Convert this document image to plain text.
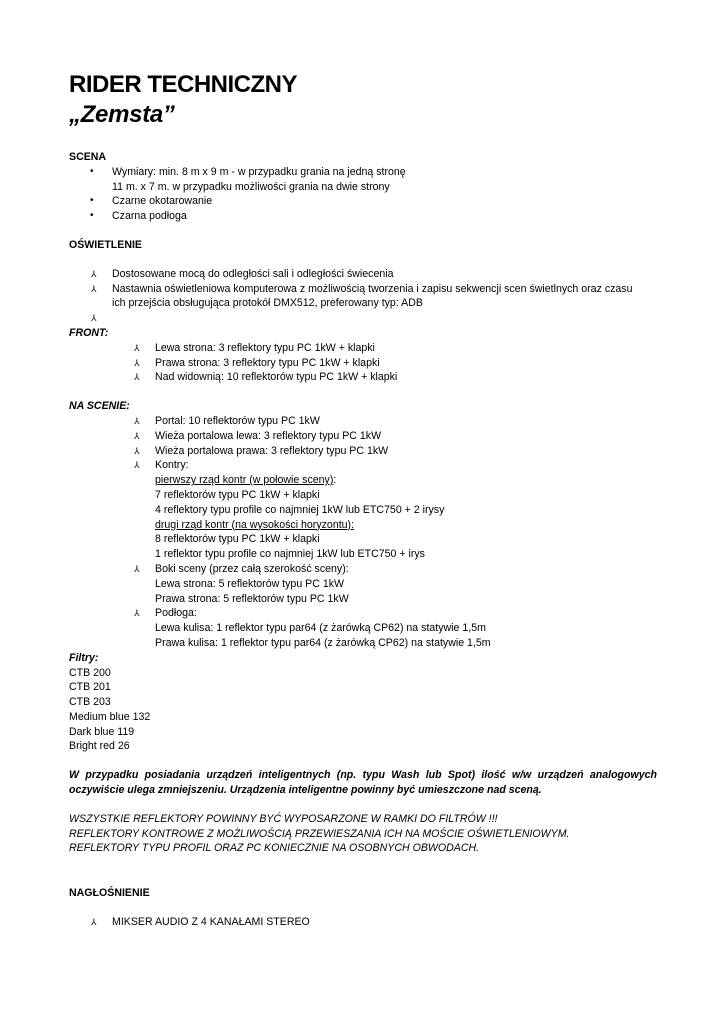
RIDER TECHNICZNY
„Zemsta”

SCENA

• Wymiary: min. 8 m x 9 m - w przypadku grania na jedną stronę
11 m. x 7 m. w przypadku możliwości grania na dwie strony
• Czarne okotarowanie
• Czarna podłoga

OŚWIETLENIE

⅄ Dostosowane mocą do odległości sali i odległości świecenia
⅄ Nastawnia oświetleniowa komputerowa z możliwością tworzenia i zapisu sekwencji scen świetlnych oraz czasu
ich przejścia obsługująca protokół DMX512, preferowany typ: ADB
⅄

FRONT:

⅄ Lewa strona: 3 reflektory typu PC 1kW + klapki
⅄ Prawa strona: 3 reflektory typu PC 1kW + klapki
⅄ Nad widownią: 10 reflektorów typu PC 1kW + klapki

NA SCENIE:

⅄ Portal: 10 reflektorów typu PC 1kW
⅄ Wieża portalowa lewa: 3 reflektory typu PC 1kW
⅄ Wieża portalowa prawa: 3 reflektory typu PC 1kW
⅄ Kontry:
pierwszy rząd kontr (w połowie sceny):
7 reflektorów typu PC 1kW + klapki
4 reflektory typu profile co najmniej 1kW lub ETC750 + 2 irysy
drugi rząd kontr (na wysokości horyzontu):
8 reflektorów typu PC 1kW + klapki
1 reflektor typu profile co najmniej 1kW lub ETC750 + irys
⅄ Boki sceny (przez całą szerokość sceny):
Lewa strona: 5 reflektorów typu PC 1kW
Prawa strona: 5 reflektorów typu PC 1kW
⅄ Podłoga:
Lewa kulisa: 1 reflektor typu par64 (z żarówką CP62) na statywie 1,5m
Prawa kulisa: 1 reflektor typu par64 (z żarówką CP62) na statywie 1,5m

Filtry:

CTB 200
CTB 201
CTB 203
Medium blue 132
Dark blue 119
Bright red 26

W przypadku posiadania urządzeń inteligentnych (np. typu Wash lub Spot) ilość w/w urządzeń analogowych oczywiście ulega zmniejszeniu. Urządzenia inteligentne powinny być umieszczone nad sceną.

WSZYSTKIE REFLEKTORY POWINNY BYĆ WYPOSARZONE W RAMKI DO FILTRÓW !!!

REFLEKTORY KONTROWE Z MOŻLIWOŚCIĄ PRZEWIESZANIA ICH NA MOŚCIE OŚWIETLENIOWYM.

REFLEKTORY TYPU PROFIL ORAZ PC KONIECZNIE NA OSOBNYCH OBWODACH.

NAGŁOŚNIENIE

⅄ MIKSER AUDIO Z 4 KANAŁAMI STEREO
